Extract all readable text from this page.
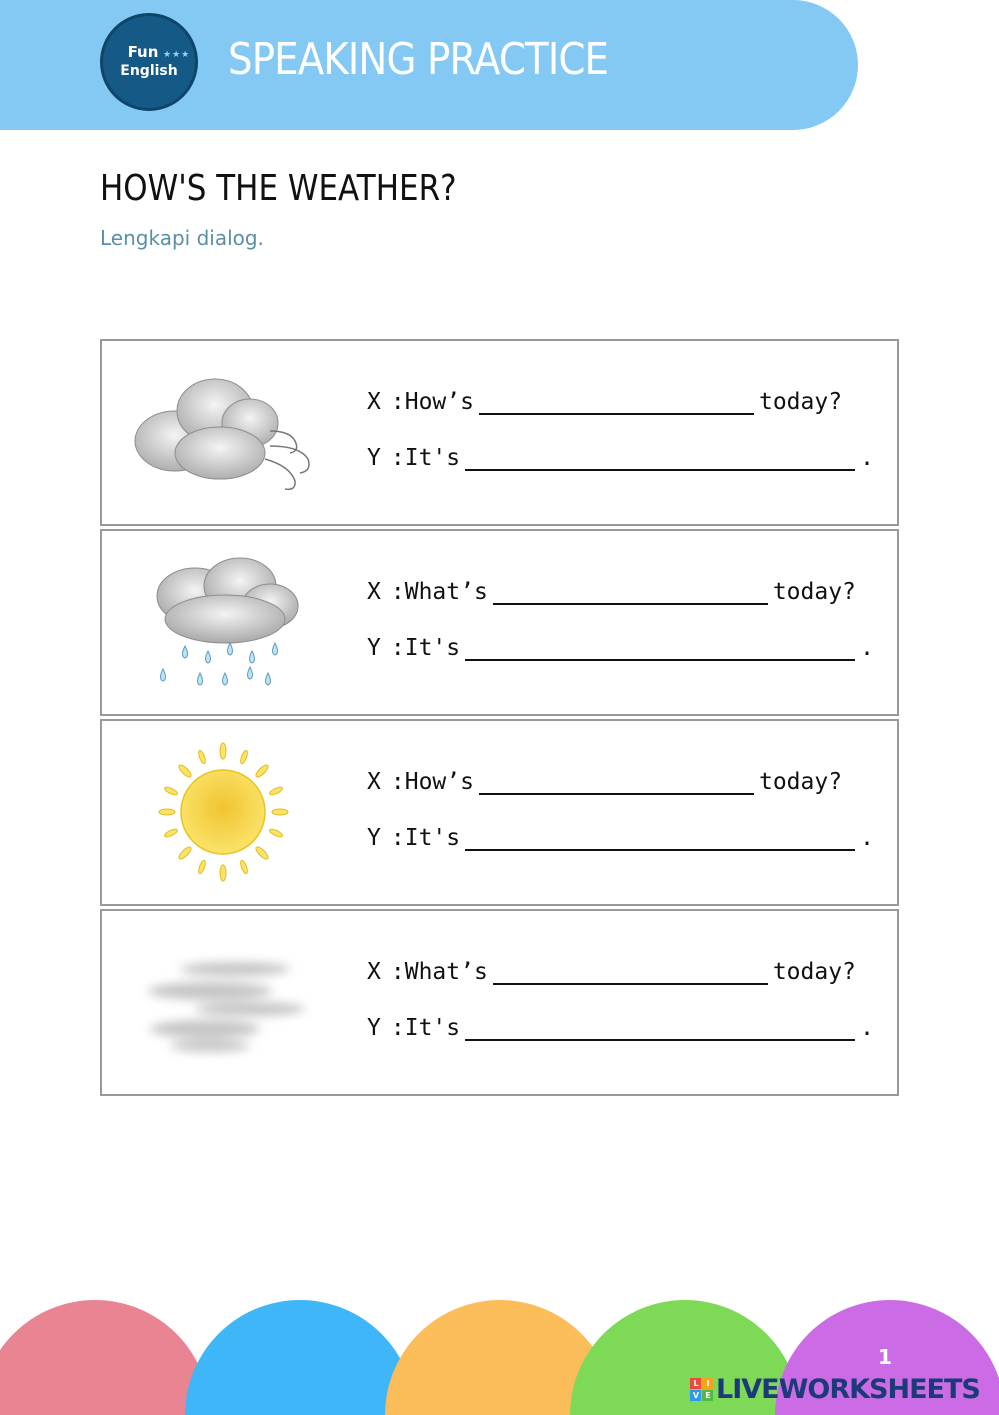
Fun
English
★★★ SPEAKING PRACTICE
HOW'S THE WEATHER?
Lengkapi dialog.
X : How’s	today?
Y : It's	.
X : What’s	today?
Y : It's	.
X : How’s	today?
Y : It's	.
X : What’s	today?
Y : It's	.
1
L	I
V E LIVEWORKSHEETS
